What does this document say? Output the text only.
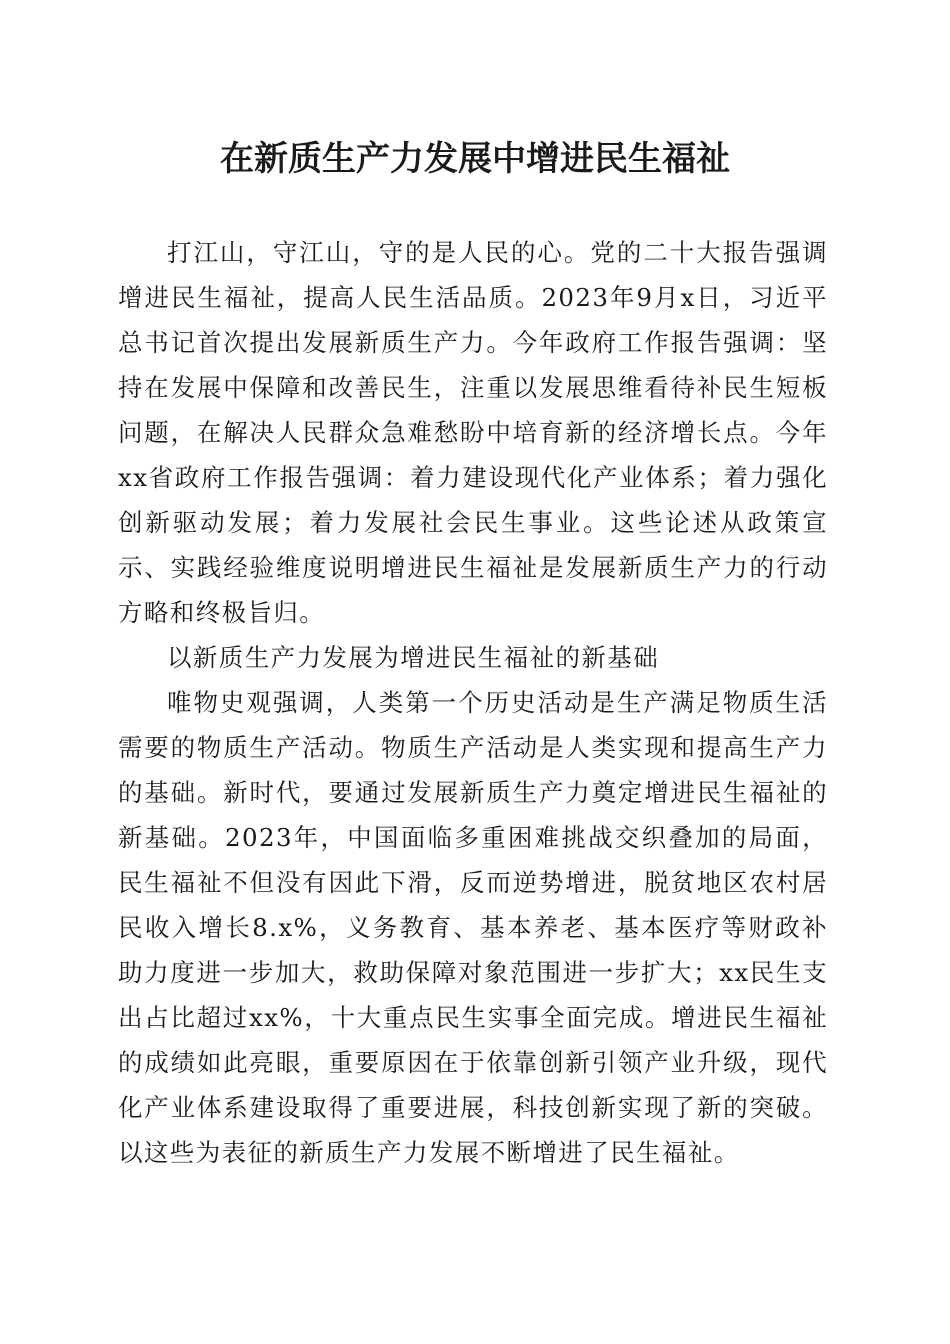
在新质生产力发展中增进民生福祉

打江山，守江山，守的是人民的心。党的二十大报告强调增进民生福祉，提高人民生活品质。2023年9月x日，习近平总书记首次提出发展新质生产力。今年政府工作报告强调：坚持在发展中保障和改善民生，注重以发展思维看待补民生短板问题，在解决人民群众急难愁盼中培育新的经济增长点。今年xx省政府工作报告强调：着力建设现代化产业体系；着力强化创新驱动发展；着力发展社会民生事业。这些论述从政策宣示、实践经验维度说明增进民生福祉是发展新质生产力的行动方略和终极旨归。

以新质生产力发展为增进民生福祉的新基础

唯物史观强调，人类第一个历史活动是生产满足物质生活需要的物质生产活动。物质生产活动是人类实现和提高生产力的基础。新时代，要通过发展新质生产力奠定增进民生福祉的新基础。2023年，中国面临多重困难挑战交织叠加的局面，民生福祉不但没有因此下滑，反而逆势增进，脱贫地区农村居民收入增长8.x%，义务教育、基本养老、基本医疗等财政补助力度进一步加大，救助保障对象范围进一步扩大；xx民生支出占比超过xx%，十大重点民生实事全面完成。增进民生福祉的成绩如此亮眼，重要原因在于依靠创新引领产业升级，现代化产业体系建设取得了重要进展，科技创新实现了新的突破。以这些为表征的新质生产力发展不断增进了民生福祉。
